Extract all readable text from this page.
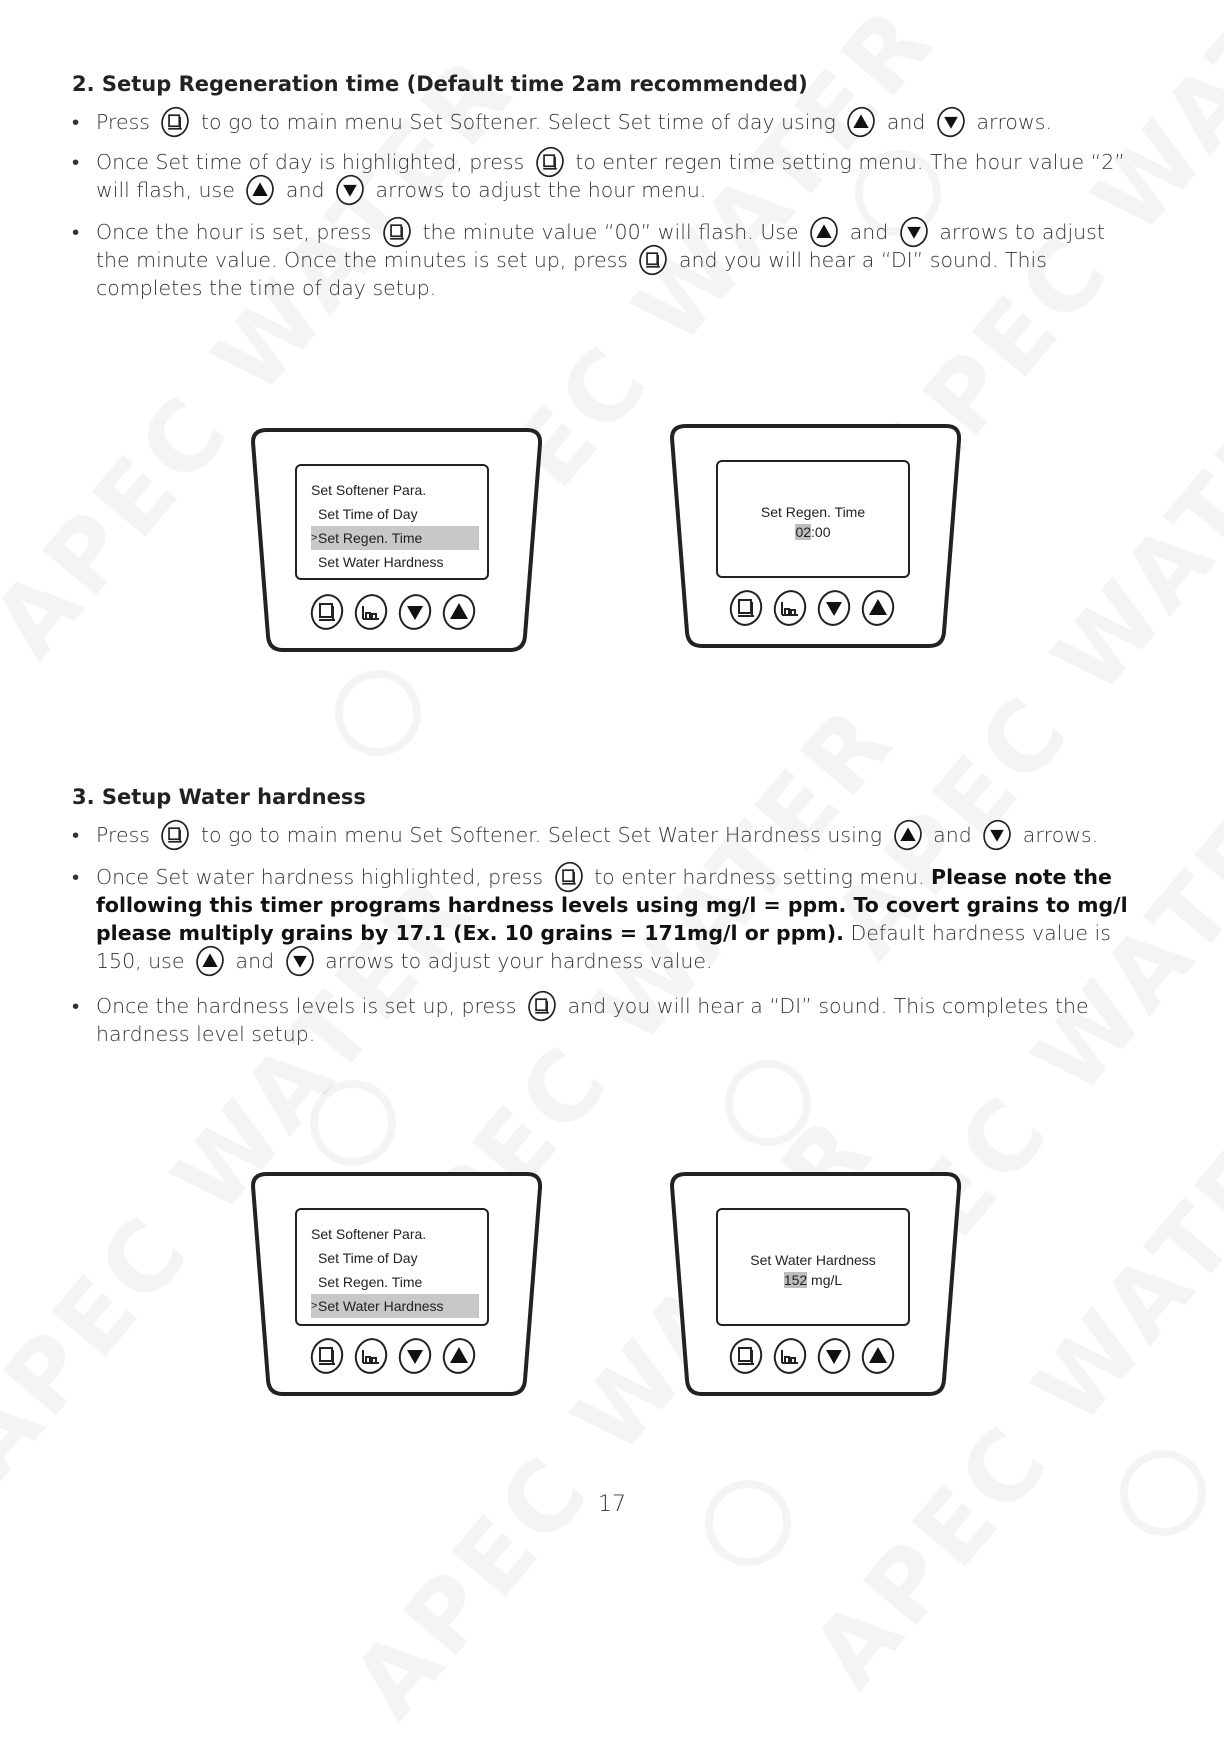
2. Setup Regeneration time (Default time 2am recommended)
• Press to go to main menu Set Softener. Select Set time of day using and arrows.
• Once Set time of day is highlighted, press to enter regen time setting menu. The hour value “2” will flash, use and arrows to adjust the hour menu.
• Once the hour is set, press the minute value “00” will flash. Use and arrows to adjust the minute value. Once the minutes is set up, press and you will hear a “DI” sound. This completes the time of day setup.
Set Softener Para.
Set Time of Day
> Set Regen. Time
Set Water Hardness
Set Regen. Time
02:00
3. Setup Water hardness
• Press to go to main menu Set Softener. Select Set Water Hardness using and arrows.
• Once Set water hardness highlighted, press to enter hardness setting menu. Please note the following this timer programs hardness levels using mg/l = ppm. To covert grains to mg/l please multiply grains by 17.1 (Ex. 10 grains = 171mg/l or ppm). Default hardness value is 150, use and arrows to adjust your hardness value.
• Once the hardness levels is set up, press and you will hear a “DI” sound. This completes the hardness level setup.
Set Softener Para.
Set Time of Day
Set Regen. Time
> Set Water Hardness
Set Water Hardness
152 mg/L
17
